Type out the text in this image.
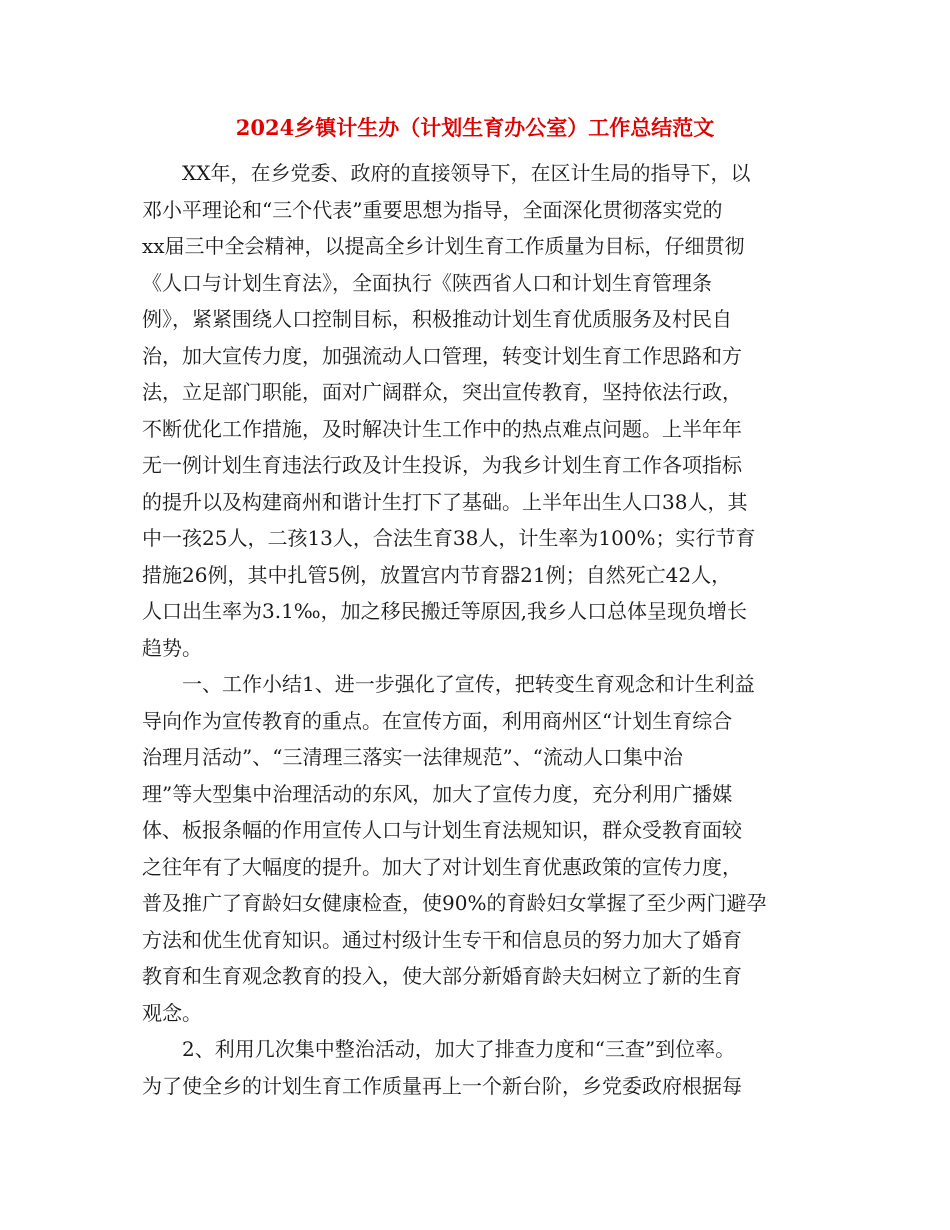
2024乡镇计生办（计划生育办公室）工作总结范文
　　XX年，在乡党委、政府的直接领导下，在区计生局的指导下，以
邓小平理论和“三个代表”重要思想为指导，全面深化贯彻落实党的
xx届三中全会精神，以提高全乡计划生育工作质量为目标，仔细贯彻
《人口与计划生育法》，全面执行《陕西省人口和计划生育管理条
例》，紧紧围绕人口控制目标，积极推动计划生育优质服务及村民自
治，加大宣传力度，加强流动人口管理，转变计划生育工作思路和方
法，立足部门职能，面对广阔群众，突出宣传教育，坚持依法行政，
不断优化工作措施，及时解决计生工作中的热点难点问题。上半年年
无一例计划生育违法行政及计生投诉，为我乡计划生育工作各项指标
的提升以及构建商州和谐计生打下了基础。上半年出生人口38人，其
中一孩25人，二孩13人，合法生育38人，计生率为100%；实行节育
措施26例，其中扎管5例，放置宫内节育器21例；自然死亡42人，
人口出生率为3.1‰，加之移民搬迁等原因,我乡人口总体呈现负增长
趋势。
　　一、工作小结1、进一步强化了宣传，把转变生育观念和计生利益
导向作为宣传教育的重点。在宣传方面，利用商州区“计划生育综合
治理月活动”、“三清理三落实一法律规范”、“流动人口集中治
理”等大型集中治理活动的东风，加大了宣传力度，充分利用广播媒
体、板报条幅的作用宣传人口与计划生育法规知识，群众受教育面较
之往年有了大幅度的提升。加大了对计划生育优惠政策的宣传力度，
普及推广了育龄妇女健康检查，使90%的育龄妇女掌握了至少两门避孕
方法和优生优育知识。通过村级计生专干和信息员的努力加大了婚育
教育和生育观念教育的投入，使大部分新婚育龄夫妇树立了新的生育
观念。
　　2、利用几次集中整治活动，加大了排查力度和“三查”到位率。
为了使全乡的计划生育工作质量再上一个新台阶，乡党委政府根据每
